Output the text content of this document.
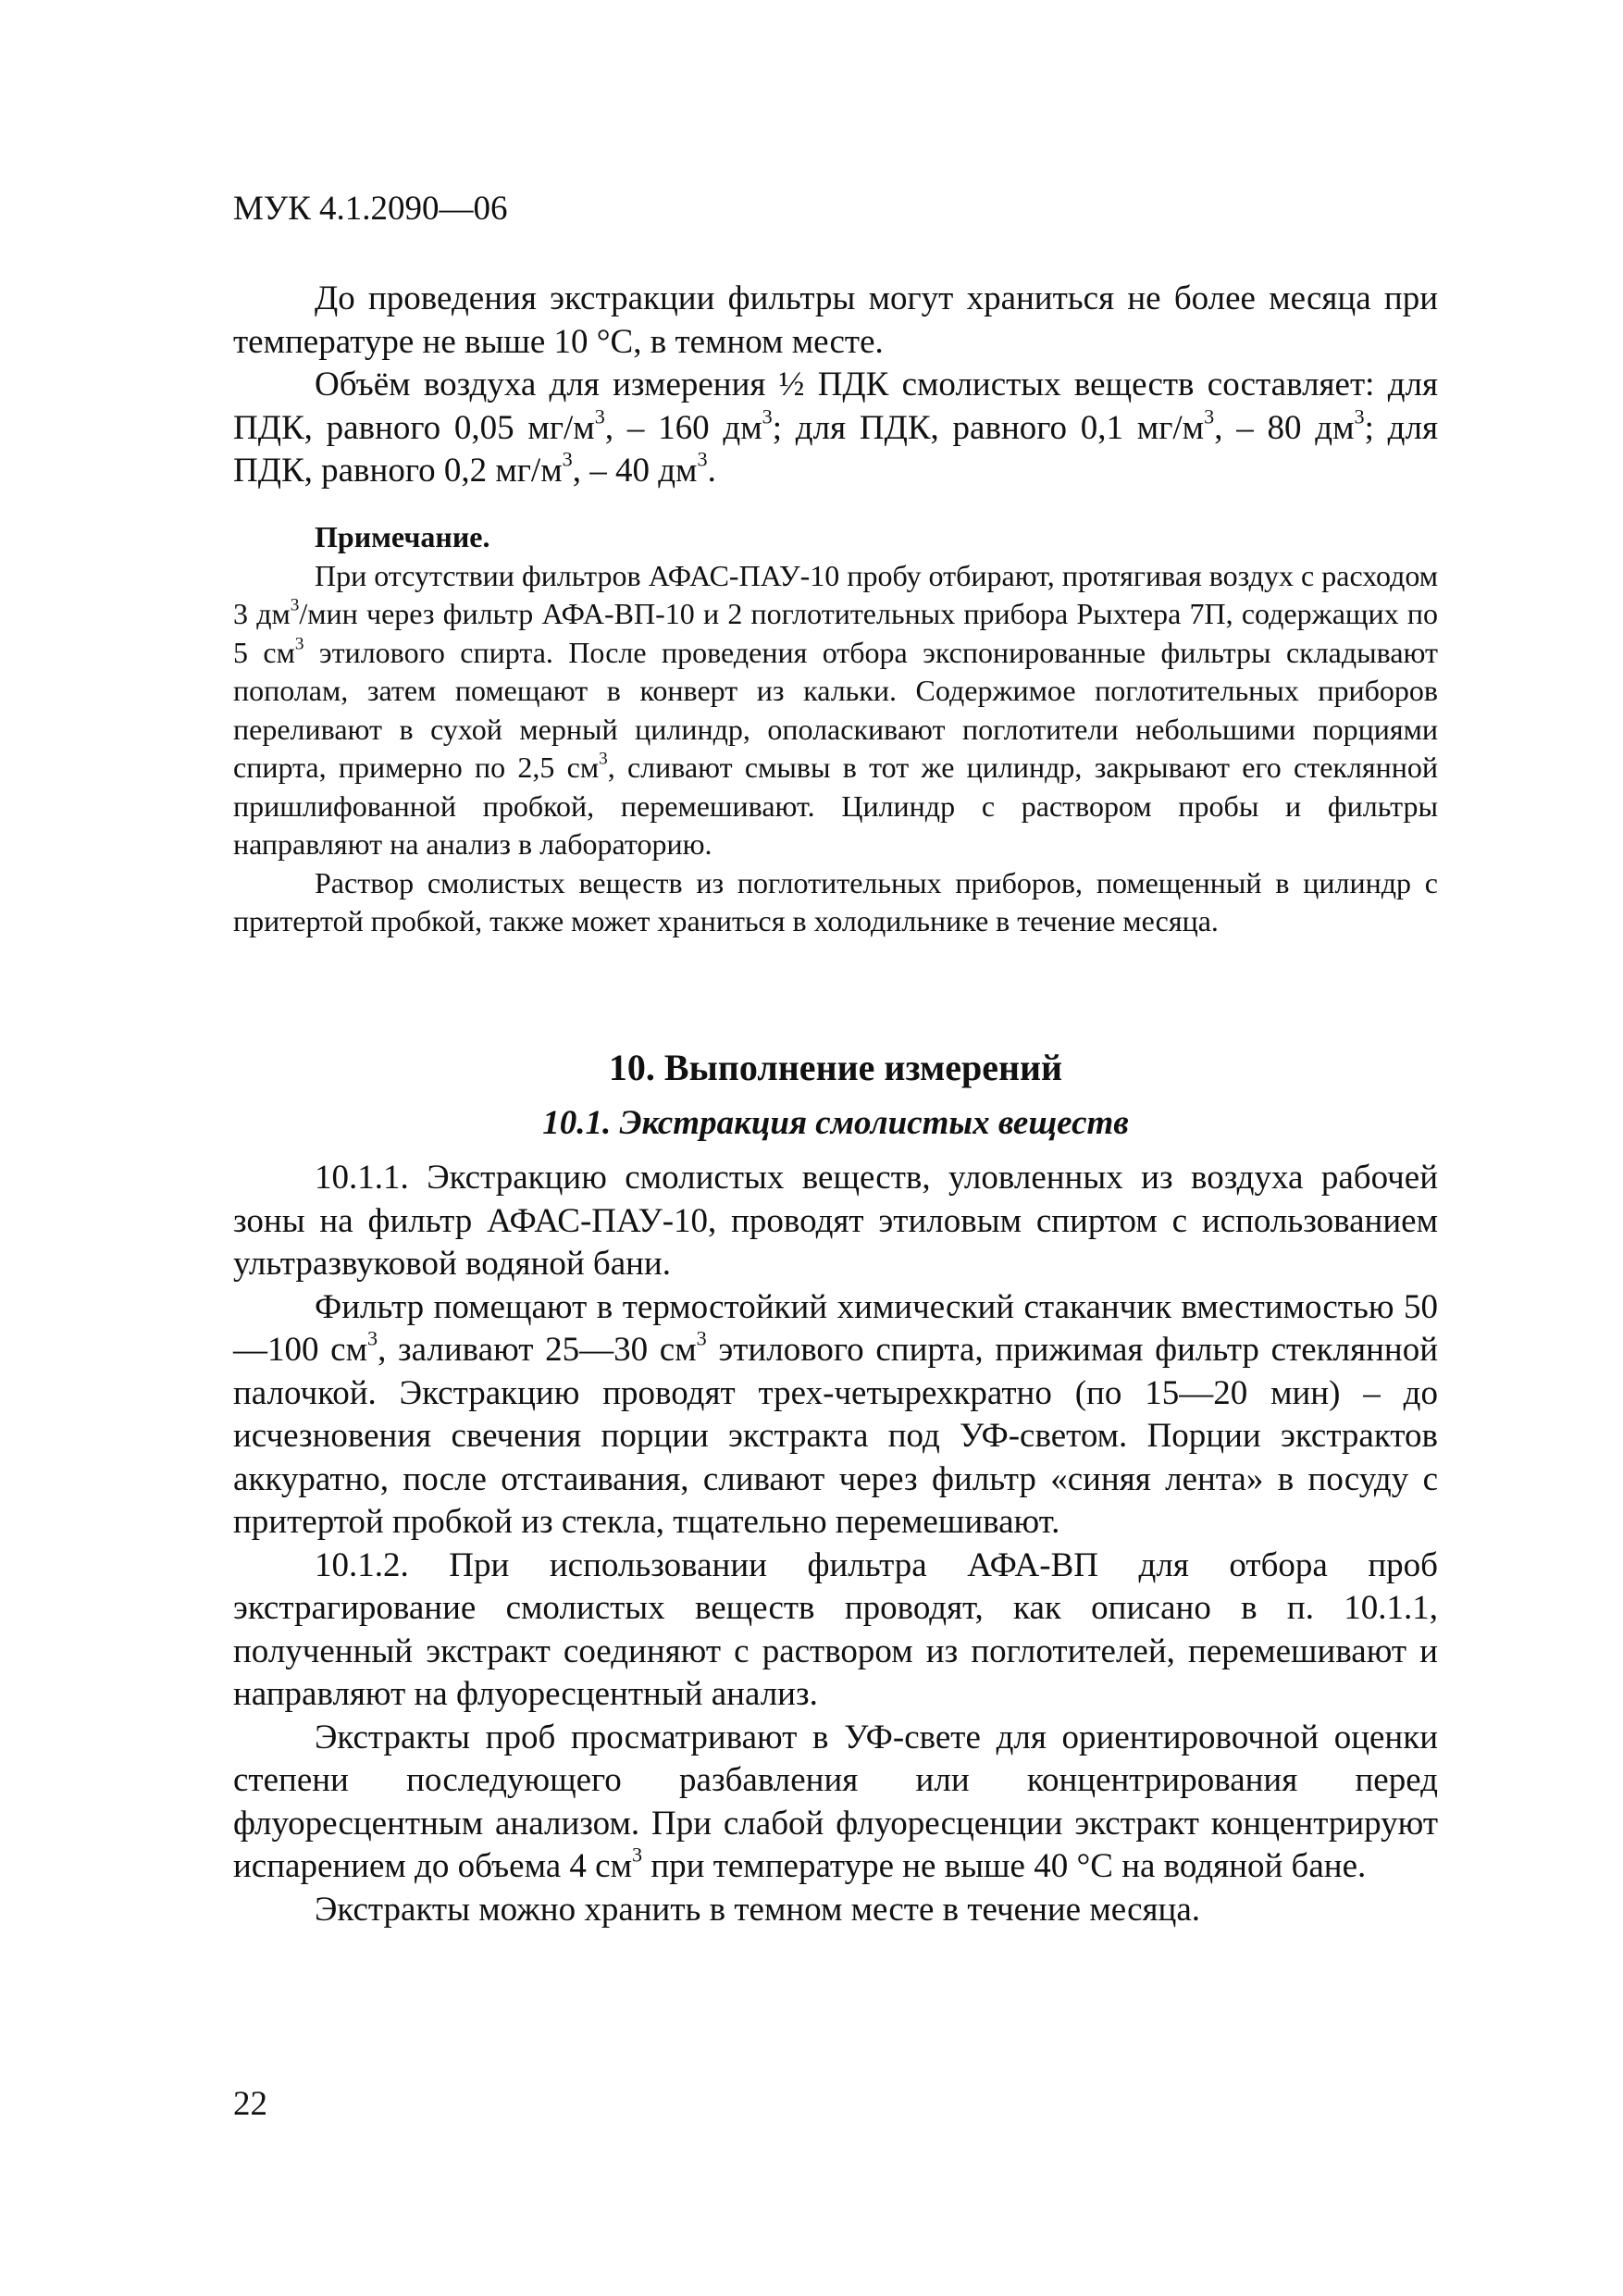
МУК 4.1.2090—06

До проведения экстракции фильтры могут храниться не более месяца при температуре не выше 10 °С, в темном месте.

Объём воздуха для измерения ½ ПДК смолистых веществ составляет: для ПДК, равного 0,05 $мг/м^3$, – 160 $дм^3$; для ПДК, равного 0,1 $мг/м^3$, – 80 $дм^3$; для ПДК, равного 0,2 $мг/м^3$, – 40 $дм^3$.

Примечание.

При отсутствии фильтров АФАС-ПАУ-10 пробу отбирают, протягивая воздух с расходом 3 $дм^3$/мин через фильтр АФА-ВП-10 и 2 поглотительных прибора Рыхтера 7П, содержащих по 5 $см^3$ этилового спирта. После проведения отбора экспонированные фильтры складывают пополам, затем помещают в конверт из кальки. Содержимое поглотительных приборов переливают в сухой мерный цилиндр, ополаскивают поглотители небольшими порциями спирта, примерно по 2,5 $см^3$, сливают смывы в тот же цилиндр, закрывают его стеклянной пришлифованной пробкой, перемешивают. Цилиндр с раствором пробы и фильтры направляют на анализ в лабораторию.

Раствор смолистых веществ из поглотительных приборов, помещенный в цилиндр с притертой пробкой, также может храниться в холодильнике в течение месяца.

10. Выполнение измерений
10.1. Экстракция смолистых веществ

10.1.1. Экстракцию смолистых веществ, уловленных из воздуха рабочей зоны на фильтр АФАС-ПАУ-10, проводят этиловым спиртом с использованием ультразвуковой водяной бани.

Фильтр помещают в термостойкий химический стаканчик вместимостью 50—100 $см^3$, заливают 25—30 $см^3$ этилового спирта, прижимая фильтр стеклянной палочкой. Экстракцию проводят трех-четырехкратно (по 15—20 мин) – до исчезновения свечения порции экстракта под УФ-светом. Порции экстрактов аккуратно, после отстаивания, сливают через фильтр «синяя лента» в посуду с притертой пробкой из стекла, тщательно перемешивают.

10.1.2. При использовании фильтра АФА-ВП для отбора проб экстрагирование смолистых веществ проводят, как описано в п. 10.1.1, полученный экстракт соединяют с раствором из поглотителей, перемешивают и направляют на флуоресцентный анализ.

Экстракты проб просматривают в УФ-свете для ориентировочной оценки степени последующего разбавления или концентрирования перед флуоресцентным анализом. При слабой флуоресценции экстракт концентрируют испарением до объема 4 $см^3$ при температуре не выше 40 °С на водяной бане.

Экстракты можно хранить в темном месте в течение месяца.

22
